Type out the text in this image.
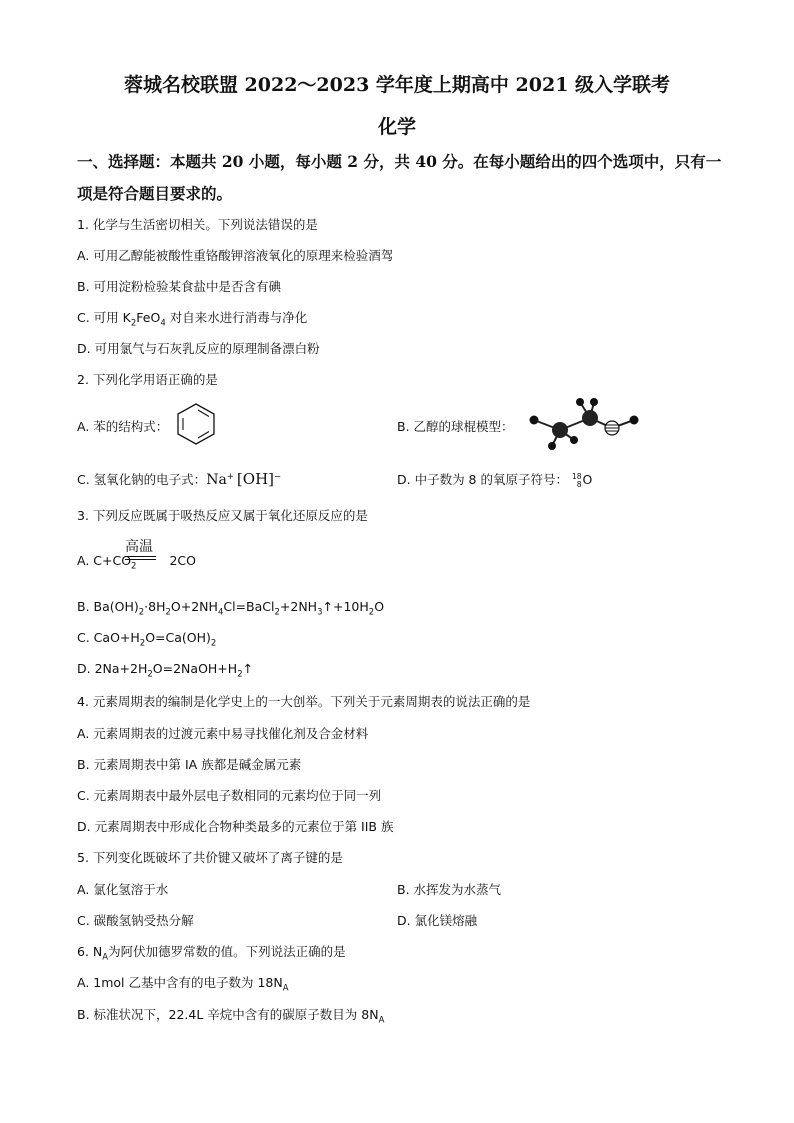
蓉城名校联盟 2022～2023 学年度上期高中 2021 级入学联考
化学
一、选择题：本题共 20 小题，每小题 2 分，共 40 分。在每小题给出的四个选项中，只有一
项是符合题目要求的。
1. 化学与生活密切相关。下列说法错误的是
A. 可用乙醇能被酸性重铬酸钾溶液氧化的原理来检验酒驾
B. 可用淀粉检验某食盐中是否含有碘
C. 可用 $K_2FeO_4$ 对自来水进行消毒与净化
D. 可用氯气与石灰乳反应的原理制备漂白粉
2. 下列化学用语正确的是
A. 苯的结构式：	B. 乙醇的球棍模型：
C. 氢氧化钠的电子式：Na+ [OH]−	D. 中子数为 8 的氧原子符号： 18
8O
3. 下列反应既属于吸热反应又属于氧化还原反应的是
高温
A. $C+CO_2$	2CO
B. $Ba(OH)_2\cdot 8H_2O+2NH_4Cl=BaCl_2+2NH_3↑+10H_2O$
C. $CaO+H_2O=Ca(OH)_2$
D. $2Na+2H_2O=2NaOH+H_2↑$
4. 元素周期表的编制是化学史上的一大创举。下列关于元素周期表的说法正确的是
A. 元素周期表的过渡元素中易寻找催化剂及合金材料
B. 元素周期表中第 IA 族都是碱金属元素
C. 元素周期表中最外层电子数相同的元素均位于同一列
D. 元素周期表中形成化合物种类最多的元素位于第 IIB 族
5. 下列变化既破坏了共价键又破坏了离子键的是
A. 氯化氢溶于水	B. 水挥发为水蒸气
C. 碳酸氢钠受热分解	D. 氯化镁熔融
6. $N_A$为阿伏加德罗常数的值。下列说法正确的是
A. 1mol 乙基中含有的电子数为 $18N_A$
B. 标准状况下，22.4L 辛烷中含有的碳原子数目为 $8N_A$
